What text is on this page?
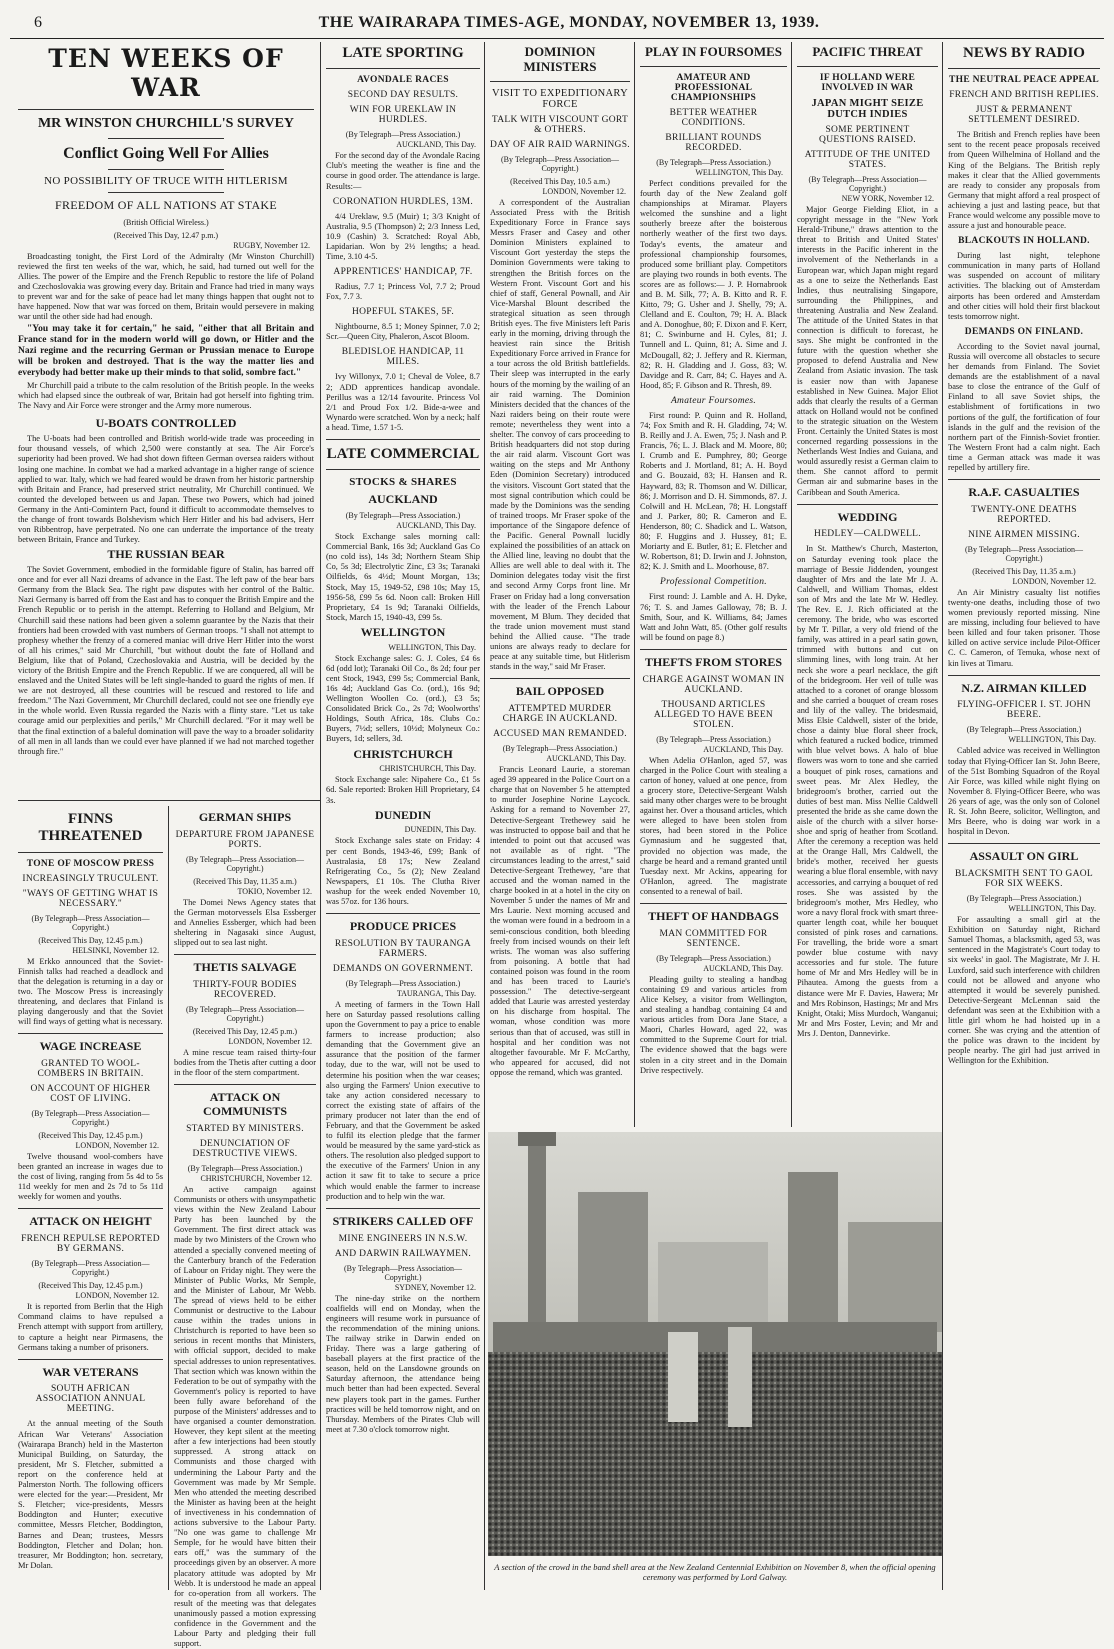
6	THE WAIRARAPA TIMES-AGE, MONDAY, NOVEMBER 13, 1939.
TEN WEEKS OF WAR
MR WINSTON CHURCHILL'S SURVEY
Conflict Going Well For Allies
NO POSSIBILITY OF TRUCE WITH HITLERISM
FREEDOM OF ALL NATIONS AT STAKE
(British Official Wireless.)
(Received This Day, 12.47 p.m.)
RUGBY, November 12.

Broadcasting tonight, the First Lord of the Admiralty (Mr Winston Churchill) reviewed the first ten weeks of the war, which, he said, had turned out well for the Allies. The power of the Empire and the French Republic to restore the life of Poland and Czechoslovakia was growing every day. Britain and France had tried in many ways to prevent war and for the sake of peace had let many things happen that ought not to have happened. Now that war was forced on them, Britain would persevere in making war until the other side had had enough.

"You may take it for certain," he said, "either that all Britain and France stand for in the modern world will go down, or Hitler and the Nazi regime and the recurring German or Prussian menace to Europe will be broken and destroyed. That is the way the matter lies and everybody had better make up their minds to that solid, sombre fact."

Mr Churchill paid a tribute to the calm resolution of the British people. In the weeks which had elapsed since the outbreak of war, Britain had got herself into fighting trim. The Navy and Air Force were stronger and the Army more numerous.

U-BOATS CONTROLLED

The U-boats had been controlled and British world-wide trade was proceeding in four thousand vessels, of which 2,500 were constantly at sea. The Air Force's superiority had been proved. We had shot down fifteen German oversea raiders without losing one machine. In combat we had a marked advantage in a higher range of science applied to war. Italy, which we had feared would be drawn from her historic partnership with Britain and France, had preserved strict neutrality, Mr Churchill continued. We counted the developed between us and Japan. These two Powers, which had joined Germany in the Anti-Comintern Pact, found it difficult to accommodate themselves to the change of front towards Bolshevism which Herr Hitler and his bad advisers, Herr von Ribbentrop, have perpetrated. No one can underrate the importance of the treaty between Britain, France and Turkey.

THE RUSSIAN BEAR

The Soviet Government, embodied in the formidable figure of Stalin, has barred off once and for ever all Nazi dreams of advance in the East. The left paw of the bear bars Germany from the Black Sea. The right paw disputes with her control of the Baltic. Nazi Germany is barred off from the East and has to conquer the British Empire and the French Republic or to perish in the attempt. Referring to Holland and Belgium, Mr Churchill said these nations had been given a solemn guarantee by the Nazis that their frontiers had been crowded with vast numbers of German troops. "I shall not attempt to prophesy whether the frenzy of a cornered maniac will drive Herr Hitler into the worst of all his crimes," said Mr Churchill, "but without doubt the fate of Holland and Belgium, like that of Poland, Czechoslovakia and Austria, will be decided by the victory of the British Empire and the French Republic. If we are conquered, all will be enslaved and the United States will be left single-handed to guard the rights of men. If we are not destroyed, all these countries will be rescued and restored to life and freedom." The Nazi Government, Mr Churchill declared, could not see one friendly eye in the whole world. Even Russia regarded the Nazis with a flinty stare. "Let us take courage amid our perplexities and perils," Mr Churchill declared. "For it may well be that the final extinction of a baleful domination will pave the way to a broader solidarity of all men in all lands than we could ever have planned if we had not marched together through fire."

FINNS THREATENED
TONE OF MOSCOW PRESS
INCREASINGLY TRUCULENT.
"WAYS OF GETTING WHAT IS NECESSARY."
(By Telegraph—Press Association—Copyright.)
(Received This Day, 12.45 p.m.)
HELSINKI, November 12.

M Erkko announced that the Soviet-Finnish talks had reached a deadlock and that the delegation is returning in a day or two. The Moscow Press is increasingly threatening, and declares that Finland is playing dangerously and that the Soviet will find ways of getting what is necessary.

WAGE INCREASE
GRANTED TO WOOL-COMBERS IN BRITAIN.
ON ACCOUNT OF HIGHER COST OF LIVING.
(By Telegraph—Press Association—Copyright.)
(Received This Day, 12.45 p.m.)
LONDON, November 12.

Twelve thousand wool-combers have been granted an increase in wages due to the cost of living, ranging from 5s 4d to 5s 11d weekly for men and 2s 7d to 5s 11d weekly for women and youths.

ATTACK ON HEIGHT
FRENCH REPULSE REPORTED BY GERMANS.
(By Telegraph—Press Association—Copyright.)
(Received This Day, 12.45 p.m.)
LONDON, November 12.

It is reported from Berlin that the High Command claims to have repulsed a French attempt with support from artillery, to capture a height near Pirmasens, the Germans taking a number of prisoners.

WAR VETERANS
SOUTH AFRICAN ASSOCIATION ANNUAL MEETING.

At the annual meeting of the South African War Veterans' Association (Wairarapa Branch) held in the Masterton Municipal Building, on Saturday, the president, Mr S. Fletcher, submitted a report on the conference held at Palmerston North. The following officers were elected for the year:—President, Mr S. Fletcher; vice-presidents, Messrs Boddington and Hunter; executive committee, Messrs Fletcher, Boddington, Barnes and Dean; trustees, Messrs Boddington, Fletcher and Dolan; hon. treasurer, Mr Boddington; hon. secretary, Mr Dolan.

GERMAN SHIPS
DEPARTURE FROM JAPANESE PORTS.
(By Telegraph—Press Association—Copyright.)
(Received This Day, 11.35 a.m.)
TOKIO, November 12.

The Domei News Agency states that the German motorvessels Elsa Essberger and Annelies Essberger, which had been sheltering in Nagasaki since August, slipped out to sea last night.

THETIS SALVAGE
THIRTY-FOUR BODIES RECOVERED.
(By Telegraph—Press Association—Copyright.)
(Received This Day, 12.45 p.m.)
LONDON, November 12.

A mine rescue team raised thirty-four bodies from the Thetis after cutting a door in the floor of the stern compartment.

ATTACK ON COMMUNISTS
STARTED BY MINISTERS.
DENUNCIATION OF DESTRUCTIVE VIEWS.
(By Telegraph—Press Association.)
CHRISTCHURCH, November 12.

An active campaign against Communists or others with unsympathetic views within the New Zealand Labour Party has been launched by the Government. The first direct attack was made by two Ministers of the Crown who attended a specially convened meeting of the Canterbury branch of the Federation of Labour on Friday night. They were the Minister of Public Works, Mr Semple, and the Minister of Labour, Mr Webb. The spread of views held to be either Communist or destructive to the Labour cause within the trades unions in Christchurch is reported to have been so serious in recent months that Ministers, with official support, decided to make special addresses to union representatives. That section which was known within the Federation to be out of sympathy with the Government's policy is reported to have been fully aware beforehand of the purpose of the Ministers' addresses and to have organised a counter demonstration. However, they kept silent at the meeting after a few interjections had been stoutly suppressed. A strong attack on Communists and those charged with undermining the Labour Party and the Government was made by Mr Semple. Men who attended the meeting described the Minister as having been at the height of invectiveness in his condemnation of actions subversive to the Labour Party. "No one was game to challenge Mr Semple, for he would have bitten their ears off," was the summary of the proceedings given by an observer. A more placatory attitude was adopted by Mr Webb. It is understood he made an appeal for co-operation from all workers. The result of the meeting was that delegates unanimously passed a motion expressing confidence in the Government and the Labour Party and pledging their full support.

LATE SPORTING
AVONDALE RACES
SECOND DAY RESULTS.
WIN FOR UREKLAW IN HURDLES.
(By Telegraph—Press Association.)
AUCKLAND, This Day.

For the second day of the Avondale Racing Club's meeting the weather is fine and the course in good order. The attendance is large. Results:—

CORONATION HURDLES, 13M.

4/4 Ureklaw, 9.5 (Muir) 1; 3/3 Knight of Australia, 9.5 (Thompson) 2; 2/3 Inness Led, 10.9 (Cashin) 3. Scratched: Royal Abb, Lapidarian. Won by 2½ lengths; a head. Time, 3.10 4-5.

APPRENTICES' HANDICAP, 7F.

Radius, 7.7 1; Princess Vol, 7.7 2; Proud Fox, 7.7 3.

HOPEFUL STAKES, 5F.

Nightbourne, 8.5 1; Money Spinner, 7.0 2; Scr.—Queen City, Phaleron, Ascot Bloom.

BLEDISLOE HANDICAP, 11 MILES.

Ivy Willonyx, 7.0 1; Cheval de Volee, 8.7 2; ADD apprentices handicap avondale. Perillus was a 12/14 favourite. Princess Vol 2/1 and Proud Fox 1/2. Bide-a-wee and Wynardo were scratched. Won by a neck; half a head. Time, 1.57 1-5.

LATE COMMERCIAL
STOCKS & SHARES
AUCKLAND
(By Telegraph—Press Association.)
AUCKLAND, This Day.

Stock Exchange sales morning call: Commercial Bank, 16s 3d; Auckland Gas Co (no cold iss), 14s 3d; Northern Steam Ship Co, 5s 3d; Electrolytic Zinc, £3 3s; Taranaki Oilfields, 6s 4½d; Mount Morgan, 13s; Stock, May 15, 1949-52, £98 10s; May 15, 1956-58, £99 5s 6d. Noon call: Broken Hill Proprietary, £4 1s 9d; Taranaki Oilfields, Stock, March 15, 1940-43, £99 5s.

WELLINGTON
WELLINGTON, This Day.

Stock Exchange sales: G. J. Coles, £4 6s 6d (odd lot); Taranaki Oil Co., 8s 2d; four per cent Stock, 1943, £99 5s; Commercial Bank, 16s 4d; Auckland Gas Co. (ord.), 16s 9d; Wellington Woollen Co. (ord.), £3 5s; Consolidated Brick Co., 2s 7d; Woolworths' Holdings, South Africa, 18s. Clubs Co.: Buyers, 7½d; sellers, 10½d; Molyneux Co.: Buyers, 1d; sellers, 3d.

CHRISTCHURCH
CHRISTCHURCH, This Day.

Stock Exchange sale: Nipahere Co., £1 5s 6d. Sale reported: Broken Hill Proprietary, £4 3s.

DUNEDIN
DUNEDIN, This Day.

Stock Exchange sales state on Friday: 4 per cent Bonds, 1943-46, £99; Bank of Australasia, £8 17s; New Zealand Refrigerating Co., 5s (2); New Zealand Newspapers, £1 10s. The Clutha River washup for the week ended November 10, was 57oz. for 136 hours.

PRODUCE PRICES
RESOLUTION BY TAURANGA FARMERS.
DEMANDS ON GOVERNMENT.
(By Telegraph—Press Association.)
TAURANGA, This Day.

A meeting of farmers in the Town Hall here on Saturday passed resolutions calling upon the Government to pay a price to enable farmers to increase production; also demanding that the Government give an assurance that the position of the farmer today, due to the war, will not be used to determine his position when the war ceases; also urging the Farmers' Union executive to take any action considered necessary to correct the existing state of affairs of the primary producer not later than the end of February, and that the Government be asked to fulfil its election pledge that the farmer would be measured by the same yard-stick as others. The resolution also pledged support to the executive of the Farmers' Union in any action it saw fit to take to secure a price which would enable the farmer to increase production and to help win the war.

STRIKERS CALLED OFF
MINE ENGINEERS IN N.S.W.
AND DARWIN RAILWAYMEN.
(By Telegraph—Press Association—Copyright.)
SYDNEY, November 12.

The nine-day strike on the northern coalfields will end on Monday, when the engineers will resume work in pursuance of the recommendation of the mining unions. The railway strike in Darwin ended on Friday. There was a large gathering of baseball players at the first practice of the season, held on the Lansdowne grounds on Saturday afternoon, the attendance being much better than had been expected. Several new players took part in the games. Further practices will be held tomorrow night, and on Thursday. Members of the Pirates Club will meet at 7.30 o'clock tomorrow night.

DOMINION MINISTERS
VISIT TO EXPEDITIONARY FORCE
TALK WITH VISCOUNT GORT & OTHERS.
DAY OF AIR RAID WARNINGS.
(By Telegraph—Press Association—Copyright.)
(Received This Day, 10.5 a.m.)
LONDON, November 12.

A correspondent of the Australian Associated Press with the British Expeditionary Force in France says Messrs Fraser and Casey and other Dominion Ministers explained to Viscount Gort yesterday the steps the Dominion Governments were taking to strengthen the British forces on the Western Front. Viscount Gort and his chief of staff, General Pownall, and Air Vice-Marshal Blount described the strategical situation as seen through British eyes. The five Ministers left Paris early in the morning, driving through the heaviest rain since the British Expeditionary Force arrived in France for a tour across the old British battlefields. Their sleep was interrupted in the early hours of the morning by the wailing of an air raid warning. The Dominion Ministers decided that the chances of the Nazi raiders being on their route were remote; nevertheless they went into a shelter. The convoy of cars proceeding to British headquarters did not stop during the air raid alarm. Viscount Gort was waiting on the steps and Mr Anthony Eden (Dominion Secretary) introduced the visitors. Viscount Gort stated that the most signal contribution which could be made by the Dominions was the sending of trained troops. Mr Fraser spoke of the importance of the Singapore defence of the Pacific. General Pownall lucidly explained the possibilities of an attack on the Allied line, leaving no doubt that the Allies are well able to deal with it. The Dominion delegates today visit the first and second Army Corps front line. Mr Fraser on Friday had a long conversation with the leader of the French Labour movement, M Blum. They decided that the trade union movement must stand behind the Allied cause. "The trade unions are always ready to declare for peace at any suitable time, but Hitlerism stands in the way," said Mr Fraser.

BAIL OPPOSED
ATTEMPTED MURDER CHARGE IN AUCKLAND.
ACCUSED MAN REMANDED.
(By Telegraph—Press Association.)
AUCKLAND, This Day.

Francis Leonard Laurie, a storeman aged 39 appeared in the Police Court on a charge that on November 5 he attempted to murder Josephine Norine Laycock. Asking for a remand to November 27, Detective-Sergeant Trethewey said he was instructed to oppose bail and that he intended to point out that accused was not available as of right. "The circumstances leading to the arrest," said Detective-Sergeant Trethewey, "are that accused and the woman named in the charge booked in at a hotel in the city on November 5 under the names of Mr and Mrs Laurie. Next morning accused and the woman were found in a bedroom in a semi-conscious condition, both bleeding freely from incised wounds on their left wrists. The woman was also suffering from poisoning. A bottle that had contained poison was found in the room and has been traced to Laurie's possession." The detective-sergeant added that Laurie was arrested yesterday on his discharge from hospital. The woman, whose condition was more serious than that of accused, was still in hospital and her condition was not altogether favourable. Mr F. McCarthy, who appeared for accused, did not oppose the remand, which was granted.

PLAY IN FOURSOMES
AMATEUR AND PROFESSIONAL CHAMPIONSHIPS
BETTER WEATHER CONDITIONS.
BRILLIANT ROUNDS RECORDED.
(By Telegraph—Press Association.)
WELLINGTON, This Day.

Perfect conditions prevailed for the fourth day of the New Zealand golf championships at Miramar. Players welcomed the sunshine and a light southerly breeze after the boisterous northerly weather of the first two days. Today's events, the amateur and professional championship foursomes, produced some brilliant play. Competitors are playing two rounds in both events. The scores are as follows:— J. P. Hornabrook and B. M. Silk, 77; A. B. Kitto and R. F. Kitto, 79; G. Usher and J. Shelly, 79; A. Clelland and E. Coulton, 79; H. A. Black and A. Donoghue, 80; F. Dixon and F. Kerr, 81; C. Swinburne and H. Cyles, 81; J. Tunnell and L. Quinn, 81; A. Sime and J. McDougall, 82; J. Jeffery and R. Kierman, 82; R. H. Gladding and J. Goss, 83; W. Davidge and R. Carr, 84; C. Hayes and A. Hood, 85; F. Gibson and R. Thresh, 89.

Amateur Foursomes.

First round: P. Quinn and R. Holland, 74; Fox Smith and R. H. Gladding, 74; W. B. Reilly and J. A. Ewen, 75; J. Nash and P. Francis, 76; L. J. Black and M. Moore, 80; I. Crumb and E. Pumphrey, 80; George Roberts and J. Mortland, 81; A. H. Boyd and G. Bouzaid, 83; H. Hansen and R. Hayward, 83; R. Thomson and W. Dillicar, 86; J. Morrison and D. H. Simmonds, 87. J. Colwill and H. McLean, 78; H. Longstaff and J. Parker, 80; R. Cameron and E. Henderson, 80; C. Shadick and L. Watson, 80; F. Huggins and J. Hussey, 81; E. Moriarty and E. Butler, 81; E. Fletcher and W. Robertson, 81; D. Irwin and J. Johnston, 82; K. J. Smith and L. Moorhouse, 87.

Professional Competition.

First round: J. Lamble and A. H. Dyke, 76; T. S. and James Galloway, 78; B. J. Smith, Sour, and K. Williams, 84; James Watt and John Watt, 85. (Other golf results will be found on page 8.)

THEFTS FROM STORES
CHARGE AGAINST WOMAN IN AUCKLAND.
THOUSAND ARTICLES ALLEGED TO HAVE BEEN STOLEN.
(By Telegraph—Press Association.)
AUCKLAND, This Day.

When Adelia O'Hanlon, aged 57, was charged in the Police Court with stealing a carton of honey, valued at one pence, from a grocery store, Detective-Sergeant Walsh said many other charges were to be brought against her. Over a thousand articles, which were alleged to have been stolen from stores, had been stored in the Police Gymnasium and he suggested that, provided no objection was made, the charge be heard and a remand granted until Tuesday next. Mr Ackins, appearing for O'Hanlon, agreed. The magistrate consented to a renewal of bail.

THEFT OF HANDBAGS
MAN COMMITTED FOR SENTENCE.
(By Telegraph—Press Association.)
AUCKLAND, This Day.

Pleading guilty to stealing a handbag containing £9 and various articles from Alice Kelsey, a visitor from Wellington, and stealing a handbag containing £4 and various articles from Dora Jane Stace, a Maori, Charles Howard, aged 22, was committed to the Supreme Court for trial. The evidence showed that the bags were stolen in a city street and in the Domain Drive respectively.

PACIFIC THREAT
IF HOLLAND WERE INVOLVED IN WAR
JAPAN MIGHT SEIZE DUTCH INDIES
SOME PERTINENT QUESTIONS RAISED.
ATTITUDE OF THE UNITED STATES.
(By Telegraph—Press Association—Copyright.)
NEW YORK, November 12.

Major George Fielding Eliot, in a copyright message in the "New York Herald-Tribune," draws attention to the threat to British and United States' interests in the Pacific inherent in the involvement of the Netherlands in a European war, which Japan might regard as a one to seize the Netherlands East Indies, thus neutralising Singapore, surrounding the Philippines, and threatening Australia and New Zealand. The attitude of the United States in that connection is difficult to forecast, he says. She might be confronted in the future with the question whether she proposed to defend Australia and New Zealand from Asiatic invasion. The task is easier now than with Japanese established in New Guinea. Major Eliot adds that clearly the results of a German attack on Holland would not be confined to the strategic situation on the Western Front. Certainly the United States is most concerned regarding possessions in the Netherlands West Indies and Guiana, and would assuredly resist a German claim to them. She cannot afford to permit German air and submarine bases in the Caribbean and South America.

WEDDING
HEDLEY—CALDWELL.

In St. Matthew's Church, Masterton, on Saturday evening took place the marriage of Bessie Jiddenden, youngest daughter of Mrs and the late Mr J. A. Caldwell, and William Thomas, eldest son of Mrs and the late Mr W. Hedley. The Rev. E. J. Rich officiated at the ceremony. The bride, who was escorted by Mr T. Pillar, a very old friend of the family, was attired in a pearl satin gown, trimmed with buttons and cut on slimming lines, with long train. At her neck she wore a pearl necklace, the gift of the bridegroom. Her veil of tulle was attached to a coronet of orange blossom and she carried a bouquet of cream roses and lily of the valley. The bridesmaid, Miss Elsie Caldwell, sister of the bride, chose a dainty blue floral sheer frock, which featured a rucked bodice, trimmed with blue velvet bows. A halo of blue flowers was worn to tone and she carried a bouquet of pink roses, carnations and sweet peas. Mr Alex Hedley, the bridegroom's brother, carried out the duties of best man. Miss Nellie Caldwell presented the bride as she came down the aisle of the church with a silver horse-shoe and sprig of heather from Scotland. After the ceremony a reception was held at the Orange Hall, Mrs Caldwell, the bride's mother, received her guests wearing a blue floral ensemble, with navy accessories, and carrying a bouquet of red roses. She was assisted by the bridegroom's mother, Mrs Hedley, who wore a navy floral frock with smart three-quarter length coat, while her bouquet consisted of pink roses and carnations. For travelling, the bride wore a smart powder blue costume with navy accessories and fur stole. The future home of Mr and Mrs Hedley will be in Pihautea. Among the guests from a distance were Mr F. Davies, Hawera; Mr and Mrs Robinson, Hastings; Mr and Mrs Knight, Otaki; Miss Murdoch, Wanganui; Mr and Mrs Foster, Levin; and Mr and Mrs J. Denton, Dannevirke.

NEWS BY RADIO
THE NEUTRAL PEACE APPEAL
FRENCH AND BRITISH REPLIES.
JUST & PERMANENT SETTLEMENT DESIRED.

The British and French replies have been sent to the recent peace proposals received from Queen Wilhelmina of Holland and the King of the Belgians. The British reply makes it clear that the Allied governments are ready to consider any proposals from Germany that might afford a real prospect of achieving a just and lasting peace, but that France would welcome any possible move to assure a just and honourable peace.

BLACKOUTS IN HOLLAND.

During last night, telephone communication in many parts of Holland was suspended on account of military activities. The blacking out of Amsterdam airports has been ordered and Amsterdam and other cities will hold their first blackout tests tomorrow night.

DEMANDS ON FINLAND.

According to the Soviet naval journal, Russia will overcome all obstacles to secure her demands from Finland. The Soviet demands are the establishment of a naval base to close the entrance of the Gulf of Finland to all save Soviet ships, the establishment of fortifications in two portions of the gulf, the fortification of four islands in the gulf and the revision of the northern part of the Finnish-Soviet frontier. The Western Front had a calm night. Each time a German attack was made it was repelled by artillery fire.

R.A.F. CASUALTIES
TWENTY-ONE DEATHS REPORTED.
NINE AIRMEN MISSING.
(By Telegraph—Press Association—Copyright.)
(Received This Day, 11.35 a.m.)
LONDON, November 12.

An Air Ministry casualty list notifies twenty-one deaths, including those of two women previously reported missing. Nine are missing, including four believed to have been killed and four taken prisoner. Those killed on active service include Pilot-Officer C. C. Cameron, of Temuka, whose next of kin lives at Timaru.

N.Z. AIRMAN KILLED
FLYING-OFFICER I. ST. JOHN BEERE.
(By Telegraph—Press Association.)
WELLINGTON, This Day.

Cabled advice was received in Wellington today that Flying-Officer Ian St. John Beere, of the 51st Bombing Squadron of the Royal Air Force, was killed while night flying on November 8. Flying-Officer Beere, who was 26 years of age, was the only son of Colonel R. St. John Beere, solicitor, Wellington, and Mrs Beere, who is doing war work in a hospital in Devon.

ASSAULT ON GIRL
BLACKSMITH SENT TO GAOL FOR SIX WEEKS.
(By Telegraph—Press Association.)
WELLINGTON, This Day.

For assaulting a small girl at the Exhibition on Saturday night, Richard Samuel Thomas, a blacksmith, aged 53, was sentenced in the Magistrate's Court today to six weeks' in gaol. The Magistrate, Mr J. H. Luxford, said such interference with children could not be allowed and anyone who attempted it would be severely punished. Detective-Sergeant McLennan said the defendant was seen at the Exhibition with a little girl whom he had hoisted up in a corner. She was crying and the attention of the police was drawn to the incident by people nearby. The girl had just arrived in Wellington for the Exhibition.

A section of the crowd in the band shell area at the New Zealand Centennial Exhibition on November 8, when the official opening ceremony was performed by Lord Galway.
